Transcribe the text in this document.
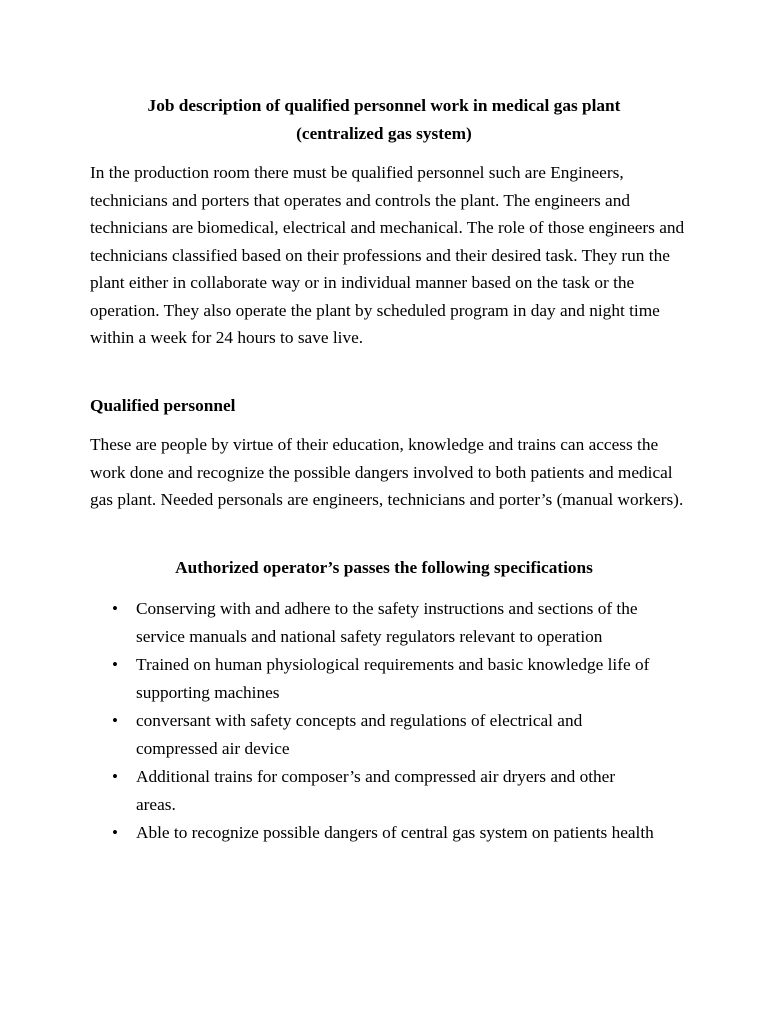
Job description of qualified personnel work in medical gas plant
(centralized gas system)

In the production room there must be qualified personnel such are Engineers, technicians and porters that operates and controls the plant. The engineers and technicians are biomedical, electrical and mechanical. The role of those engineers and technicians classified based on their professions and their desired task. They run the plant either in collaborate way or in individual manner based on the task or the operation. They also operate the plant by scheduled program in day and night time within a week for 24 hours to save live.

Qualified personnel

These are people by virtue of their education, knowledge and trains can access the work done and recognize the possible dangers involved to both patients and medical gas plant. Needed personals are engineers, technicians and porter’s (manual workers).

Authorized operator’s passes the following specifications

• Conserving with and adhere to the safety instructions and sections of the service manuals and national safety regulators relevant to operation
• Trained on human physiological requirements and basic knowledge life of supporting machines
• conversant with safety concepts and regulations of electrical and compressed air device
• Additional trains for composer’s and compressed air dryers and other areas.
• Able to recognize possible dangers of central gas system on patients health
